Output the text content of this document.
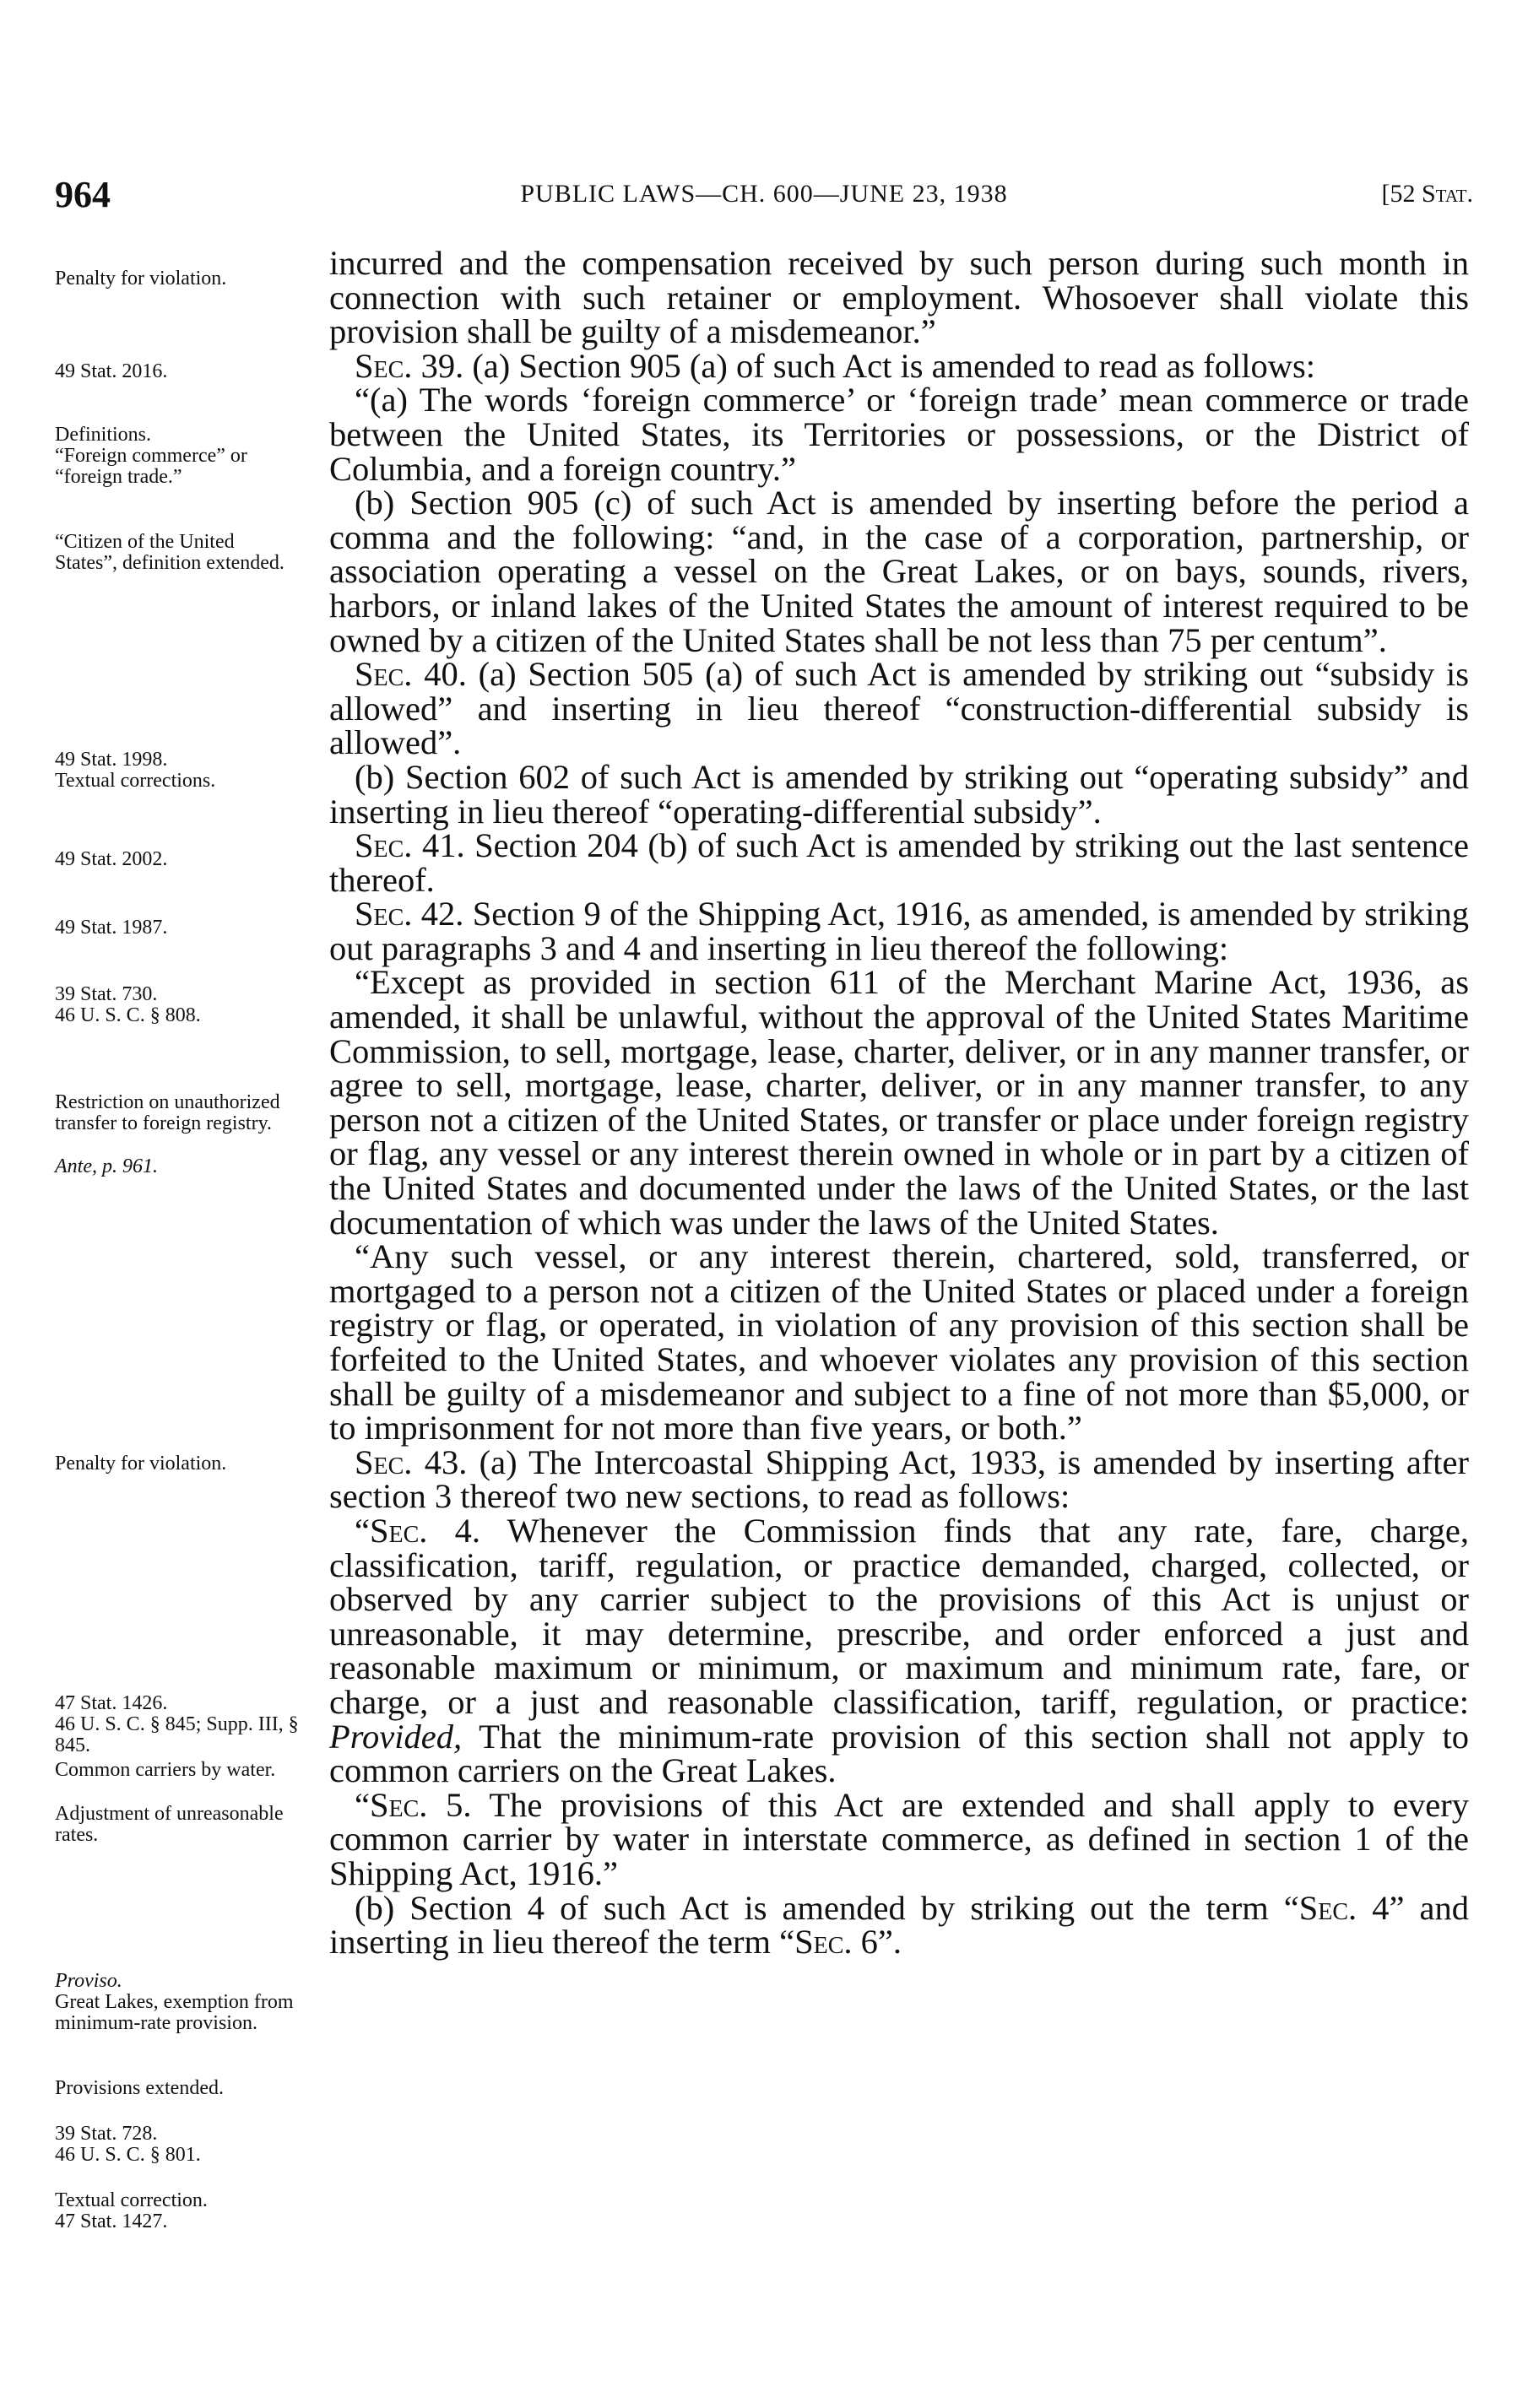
964	PUBLIC LAWS—CH. 600—JUNE 23, 1938	[52 Stat.
Penalty for violation.
49 Stat. 2016.
Definitions.
“Foreign commerce” or “foreign trade.”
“Citizen of the United States”, definition extended.
49 Stat. 1998.
Textual corrections.
49 Stat. 2002.
49 Stat. 1987.
39 Stat. 730.
46 U. S. C. § 808.
Restriction on unauthorized transfer to foreign registry.
Ante, p. 961.
Penalty for violation.
47 Stat. 1426.
46 U. S. C. § 845; Supp. III, § 845.
Common carriers by water.
Adjustment of unreasonable rates.
Proviso.
Great Lakes, exemption from minimum-rate provision.
Provisions extended.
39 Stat. 728.
46 U. S. C. § 801.
Textual correction.
47 Stat. 1427.

incurred and the compensation received by such person during such month in connection with such retainer or employment. Whosoever shall violate this provision shall be guilty of a misdemeanor.”

Sec. 39. (a) Section 905 (a) of such Act is amended to read as follows:

“(a) The words ‘foreign commerce’ or ‘foreign trade’ mean commerce or trade between the United States, its Territories or possessions, or the District of Columbia, and a foreign country.”

(b) Section 905 (c) of such Act is amended by inserting before the period a comma and the following: “and, in the case of a corporation, partnership, or association operating a vessel on the Great Lakes, or on bays, sounds, rivers, harbors, or inland lakes of the United States the amount of interest required to be owned by a citizen of the United States shall be not less than 75 per centum”.

Sec. 40. (a) Section 505 (a) of such Act is amended by striking out “subsidy is allowed” and inserting in lieu thereof “construction-differential subsidy is allowed”.

(b) Section 602 of such Act is amended by striking out “operating subsidy” and inserting in lieu thereof “operating-differential subsidy”.

Sec. 41. Section 204 (b) of such Act is amended by striking out the last sentence thereof.

Sec. 42. Section 9 of the Shipping Act, 1916, as amended, is amended by striking out paragraphs 3 and 4 and inserting in lieu thereof the following:

“Except as provided in section 611 of the Merchant Marine Act, 1936, as amended, it shall be unlawful, without the approval of the United States Maritime Commission, to sell, mortgage, lease, charter, deliver, or in any manner transfer, or agree to sell, mortgage, lease, charter, deliver, or in any manner transfer, to any person not a citizen of the United States, or transfer or place under foreign registry or flag, any vessel or any interest therein owned in whole or in part by a citizen of the United States and documented under the laws of the United States, or the last documentation of which was under the laws of the United States.

“Any such vessel, or any interest therein, chartered, sold, transferred, or mortgaged to a person not a citizen of the United States or placed under a foreign registry or flag, or operated, in violation of any provision of this section shall be forfeited to the United States, and whoever violates any provision of this section shall be guilty of a misdemeanor and subject to a fine of not more than $5,000, or to imprisonment for not more than five years, or both.”

Sec. 43. (a) The Intercoastal Shipping Act, 1933, is amended by inserting after section 3 thereof two new sections, to read as follows:

“Sec. 4. Whenever the Commission finds that any rate, fare, charge, classification, tariff, regulation, or practice demanded, charged, collected, or observed by any carrier subject to the provisions of this Act is unjust or unreasonable, it may determine, prescribe, and order enforced a just and reasonable maximum or minimum, or maximum and minimum rate, fare, or charge, or a just and reasonable classification, tariff, regulation, or practice: Provided, That the minimum-rate provision of this section shall not apply to common carriers on the Great Lakes.

“Sec. 5. The provisions of this Act are extended and shall apply to every common carrier by water in interstate commerce, as defined in section 1 of the Shipping Act, 1916.”

(b) Section 4 of such Act is amended by striking out the term “Sec. 4” and inserting in lieu thereof the term “Sec. 6”.
